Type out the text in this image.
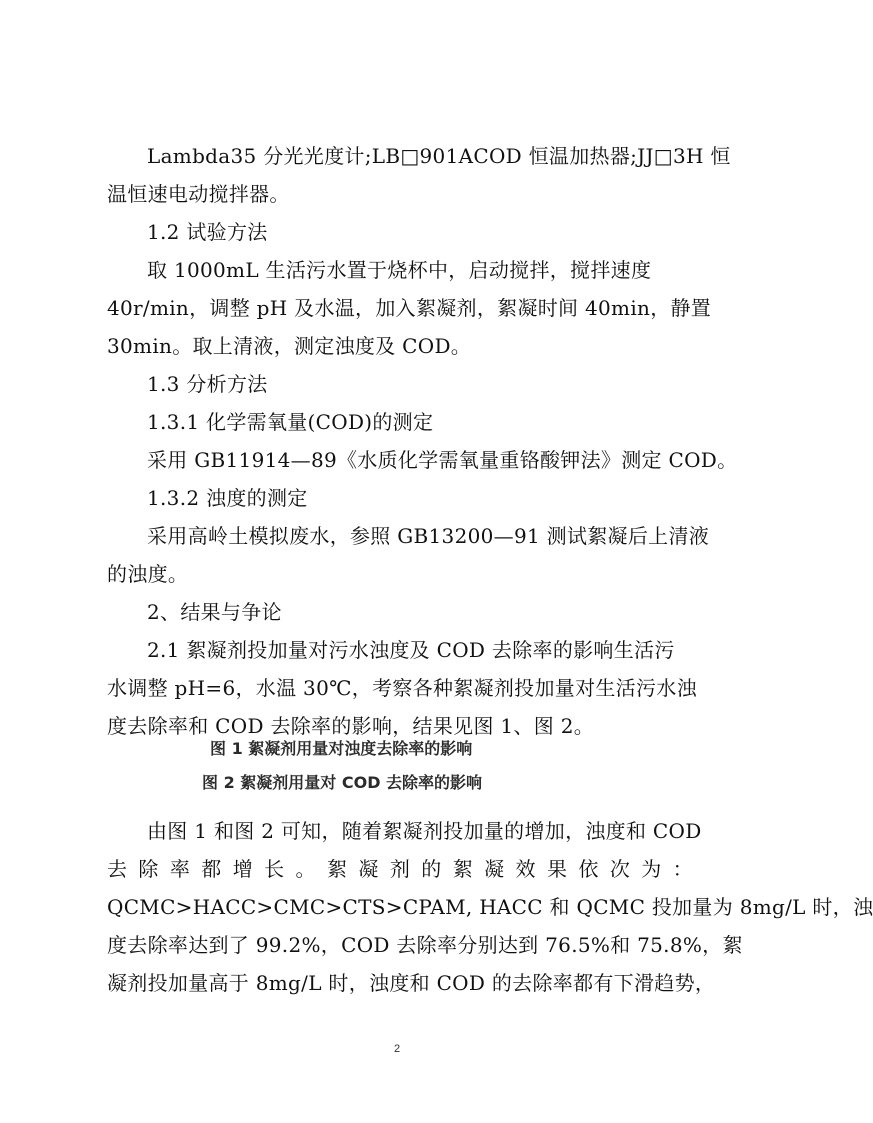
Lambda35 分光光度计;LB□901ACOD 恒温加热器;JJ□3H 恒
温恒速电动搅拌器。
1.2 试验方法
取 1000mL 生活污水置于烧杯中，启动搅拌，搅拌速度
40r/min，调整 pH 及水温，加入絮凝剂，絮凝时间 40min，静置
30min。取上清液，测定浊度及 COD。
1.3 分析方法
1.3.1 化学需氧量(COD)的测定
采用 GB11914—89《水质化学需氧量重铬酸钾法》测定 COD。
1.3.2 浊度的测定
采用高岭土模拟废水，参照 GB13200—91 测试絮凝后上清液
的浊度。
2、结果与争论
2.1 絮凝剂投加量对污水浊度及 COD 去除率的影响生活污
水调整 pH=6，水温 30℃，考察各种絮凝剂投加量对生活污水浊
度去除率和 COD 去除率的影响，结果见图 1、图 2。
图 1 絮凝剂用量对浊度去除率的影响
图 2 絮凝剂用量对 COD 去除率的影响
由图 1 和图 2 可知，随着絮凝剂投加量的增加，浊度和 COD
去 除 率 都 增 长 。 絮 凝 剂 的 絮 凝 效 果 依 次 为 ：
QCMC>HACC>CMC>CTS>CPAM, HACC 和 QCMC 投加量为 8mg/L 时，浊
度去除率达到了 99.2%，COD 去除率分别达到 76.5%和 75.8%，絮
凝剂投加量高于 8mg/L 时，浊度和 COD 的去除率都有下滑趋势，
2
